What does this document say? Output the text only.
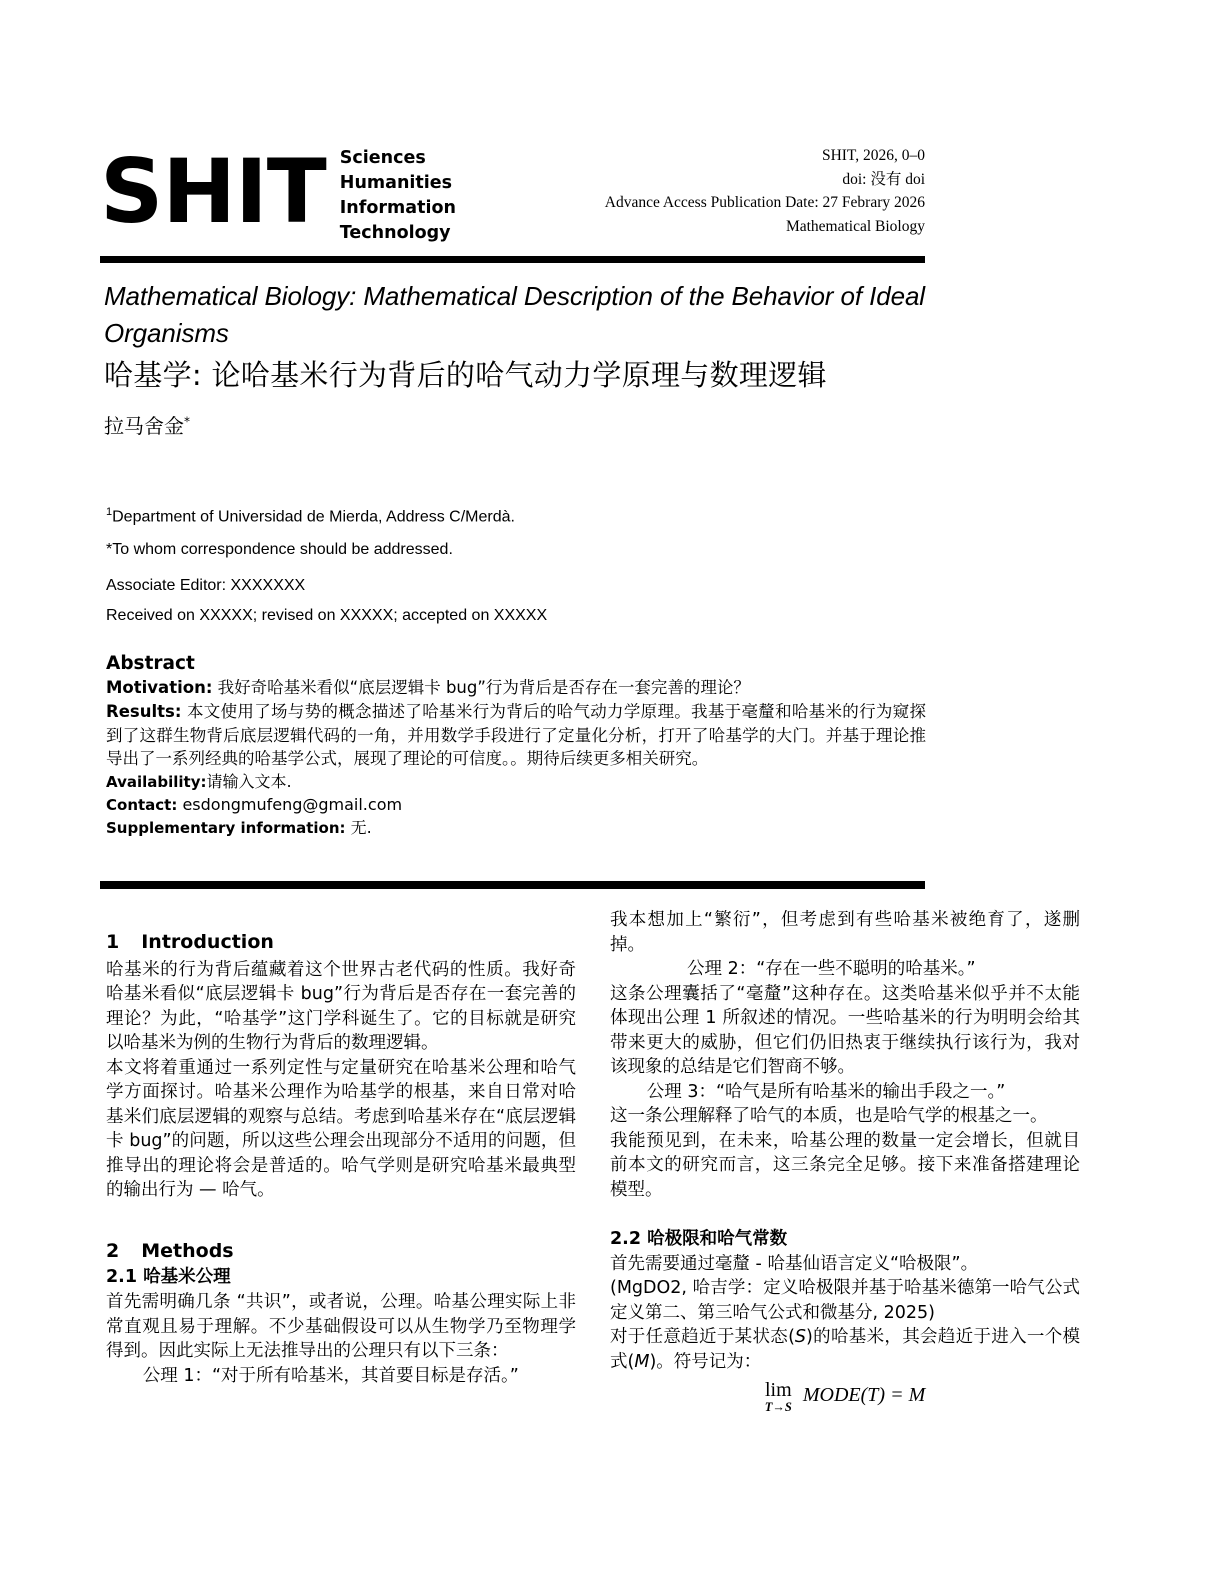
SHIT Sciences
Humanities
Information
Technology
SHIT, 2026, 0–0
doi: 没有 doi
Advance Access Publication Date: 27 Febrary 2026
Mathematical Biology
Mathematical Biology: Mathematical Description of the Behavior of Ideal Organisms
哈基学: 论哈基米行为背后的哈气动力学原理与数理逻辑
拉马舍金*
$^1$Department of Universidad de Mierda, Address C/Merdà.
*To whom correspondence should be addressed.
Associate Editor: XXXXXXX
Received on XXXXX; revised on XXXXX; accepted on XXXXX
Abstract
Motivation: 我好奇哈基米看似“底层逻辑卡 bug”行为背后是否存在一套完善的理论？
Results: 本文使用了场与势的概念描述了哈基米行为背后的哈气动力学原理。我基于毫釐和哈基米的行为窥探到了这群生物背后底层逻辑代码的一角，并用数学手段进行了定量化分析，打开了哈基学的大门。并基于理论推导出了一系列经典的哈基学公式，展现了理论的可信度。。期待后续更多相关研究。
Availability:请输入文本.
Contact: esdongmufeng@gmail.com
Supplementary information: 无.
1 Introduction

哈基米的行为背后蕴藏着这个世界古老代码的性质。我好奇哈基米看似“底层逻辑卡 bug”行为背后是否存在一套完善的理论？为此，“哈基学”这门学科诞生了。它的目标就是研究以哈基米为例的生物行为背后的数理逻辑。

本文将着重通过一系列定性与定量研究在哈基米公理和哈气学方面探讨。哈基米公理作为哈基学的根基，来自日常对哈基米们底层逻辑的观察与总结。考虑到哈基米存在“底层逻辑卡 bug”的问题，所以这些公理会出现部分不适用的问题，但推导出的理论将会是普适的。哈气学则是研究哈基米最典型的输出行为 — 哈气。

2 Methods
2.1 哈基米公理

首先需明确几条 “共识”，或者说，公理。哈基公理实际上非常直观且易于理解。不少基础假设可以从生物学乃至物理学得到。因此实际上无法推导出的公理只有以下三条：

公理 1：“对于所有哈基米，其首要目标是存活。”

我本想加上“繁衍”，但考虑到有些哈基米被绝育了，遂删掉。

公理 2：“存在一些不聪明的哈基米。”

这条公理囊括了“毫釐”这种存在。这类哈基米似乎并不太能体现出公理 1 所叙述的情况。一些哈基米的行为明明会给其带来更大的威胁，但它们仍旧热衷于继续执行该行为，我对该现象的总结是它们智商不够。

公理 3：“哈气是所有哈基米的输出手段之一。”

这一条公理解释了哈气的本质，也是哈气学的根基之一。

我能预见到，在未来，哈基公理的数量一定会增长，但就目前本文的研究而言，这三条完全足够。接下来准备搭建理论模型。

2.2 哈极限和哈气常数

首先需要通过毫釐 - 哈基仙语言定义“哈极限”。

(MgDO2, 哈吉学：定义哈极限并基于哈基米德第一哈气公式定义第二、第三哈气公式和微基分, 2025)

对于任意趋近于某状态(S)的哈基米，其会趋近于进入一个模式(M)。符号记为：

lim
T→S
MODE(T) = M
